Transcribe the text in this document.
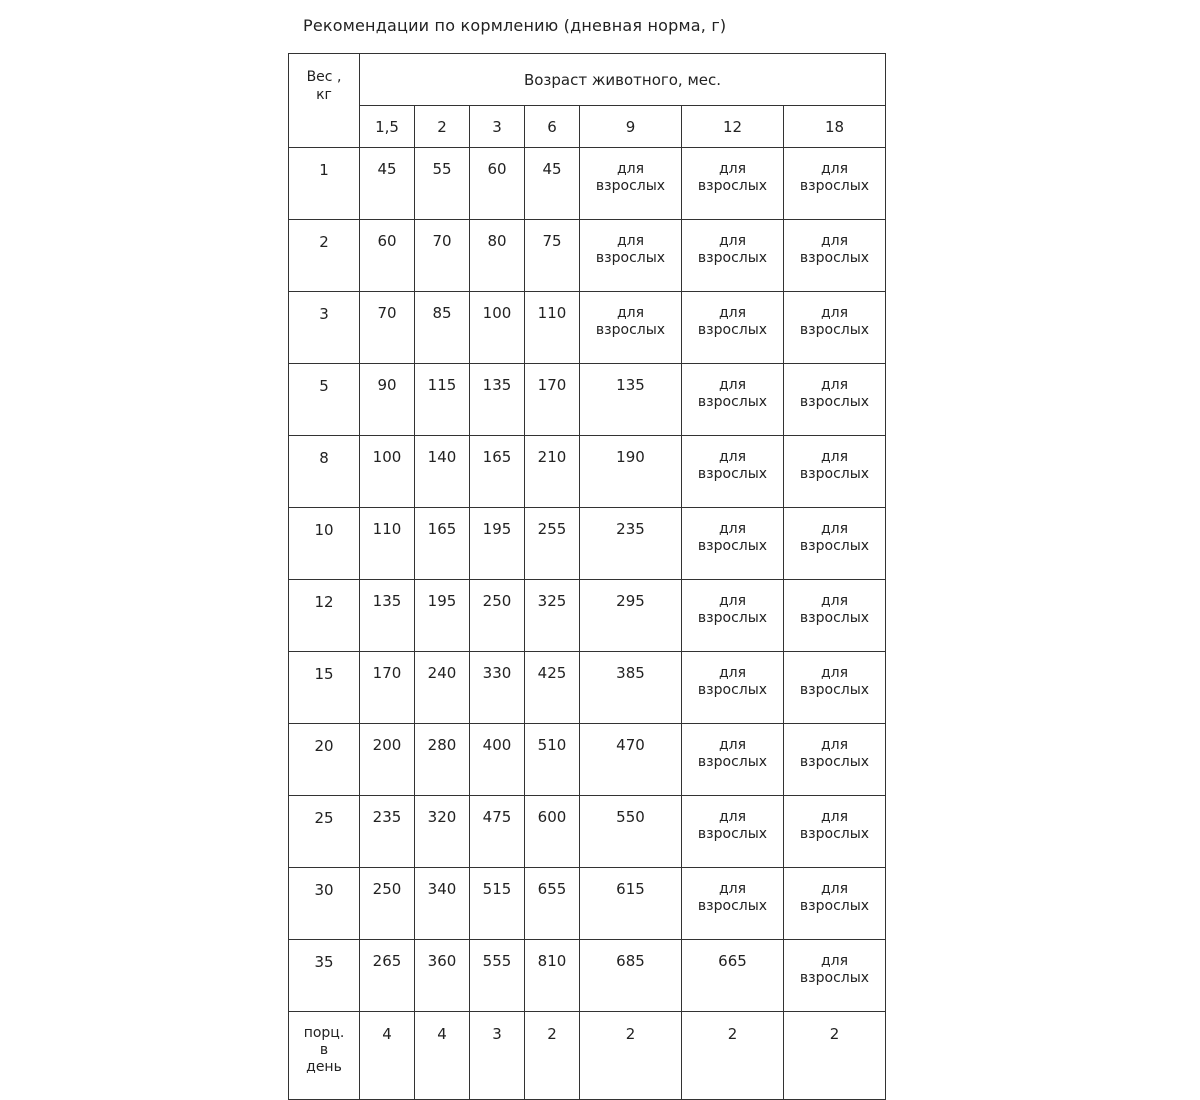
Рекомендации по кормлению (дневная норма, г)
Вес ,
кг	Возраст животного, мес.						
	1,5	2	3	6	9	12	18
1	45	55	60	45	для
взрослых	для
взрослых	для
взрослых

2	60	70	80	75	для
взрослых	для
взрослых	для
взрослых

3	70	85	100	110	для
взрослых	для
взрослых	для
взрослых

5	90	115	135	170	135	для
взрослых	для
взрослых

8	100	140	165	210	190	для
взрослых	для
взрослых

10	110	165	195	255	235	для
взрослых	для
взрослых

12	135	195	250	325	295	для
взрослых	для
взрослых

15	170	240	330	425	385	для
взрослых	для
взрослых

20	200	280	400	510	470	для
взрослых	для
взрослых

25	235	320	475	600	550	для
взрослых	для
взрослых

30	250	340	515	655	615	для
взрослых	для
взрослых

35	265	360	555	810	685	665	для
взрослых

порц.
в
день	4	4	3	2	2	2	2
